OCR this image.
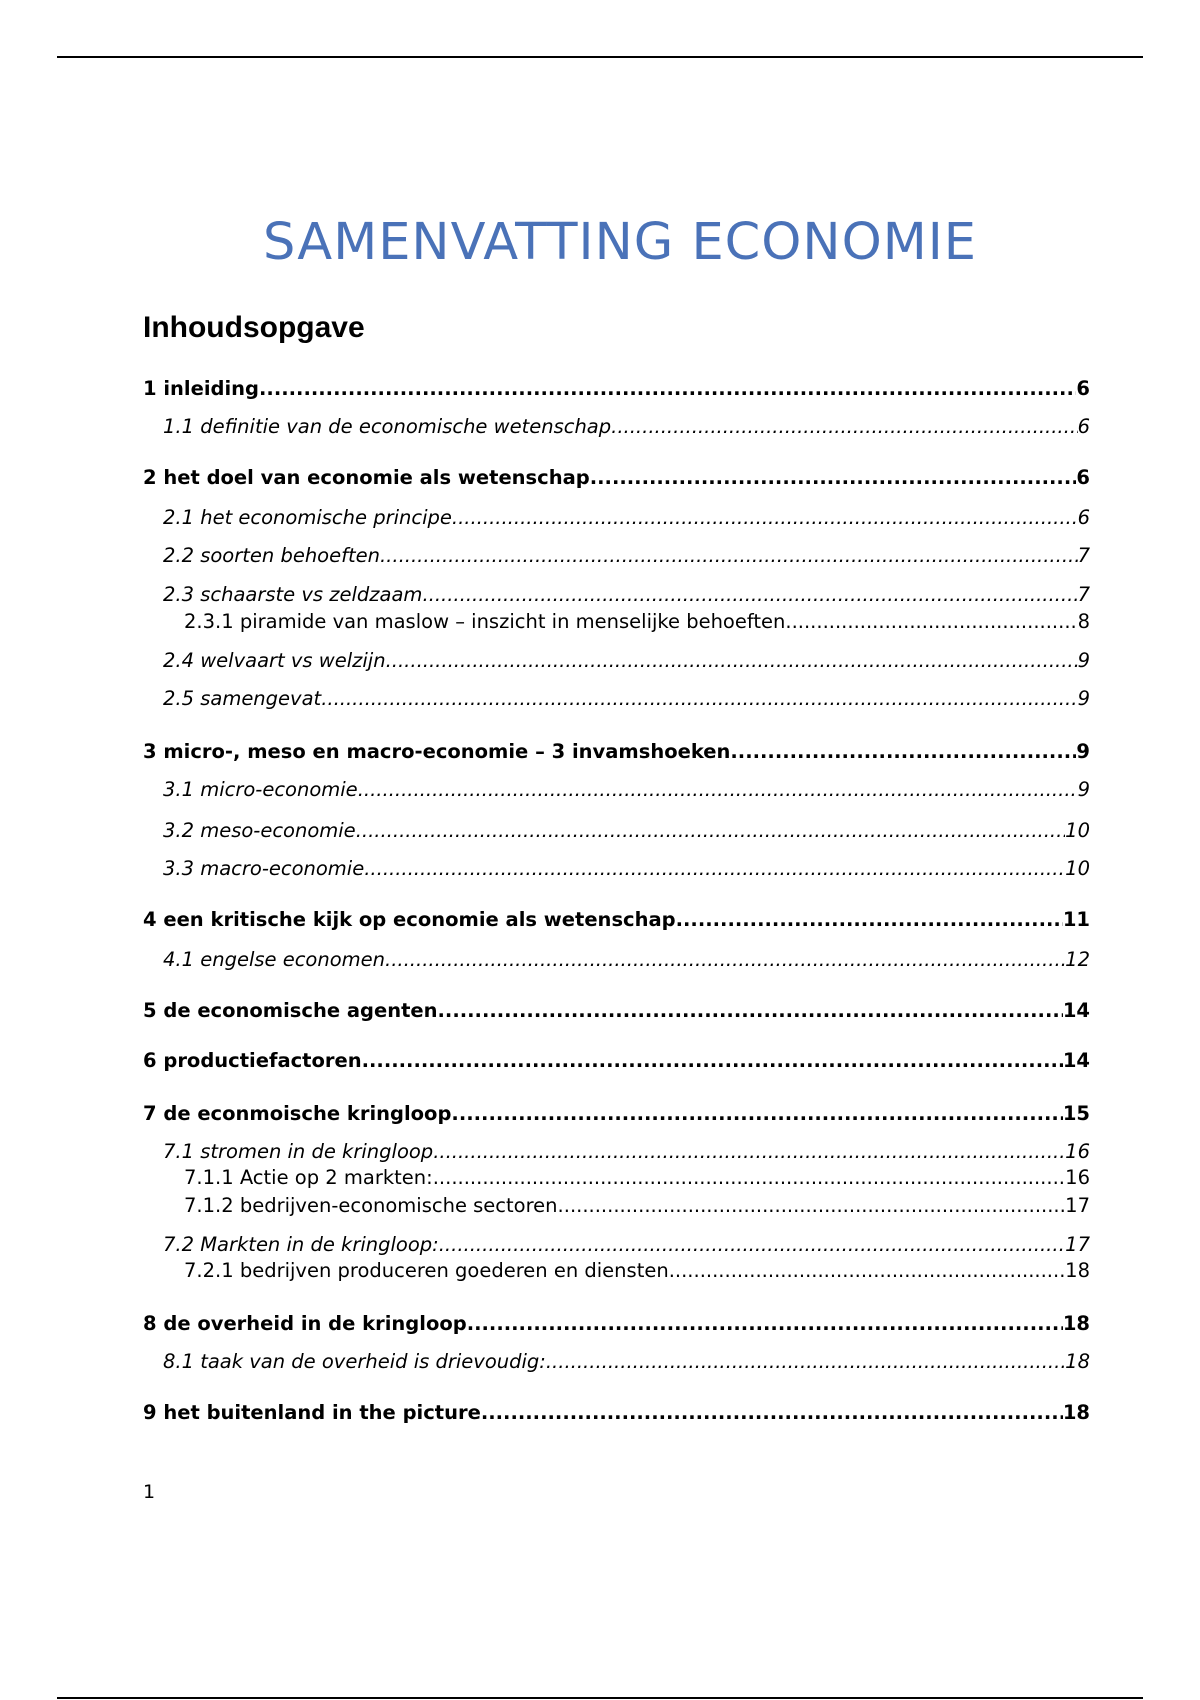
SAMENVATTING ECONOMIE
Inhoudsopgave
1 inleiding .....	6
1.1 definitie van de economische wetenschap .....	6
2 het doel van economie als wetenschap .....	6
2.1 het economische principe .....	6
2.2 soorten behoeften .....	7
2.3 schaarste vs zeldzaam .....	7
2.3.1 piramide van maslow – inszicht in menselijke behoeften .....	8
2.4 welvaart vs welzijn .....	9
2.5 samengevat .....	9
3 micro-, meso en macro-economie – 3 invamshoeken .....	9
3.1 micro-economie .....	9
3.2 meso-economie .....	10
3.3 macro-economie .....	10
4 een kritische kijk op economie als wetenschap .....	11
4.1 engelse economen .....	12
5 de economische agenten .....	14
6 productiefactoren .....	14
7 de econmoische kringloop .....	15
7.1 stromen in de kringloop .....	16
7.1.1 Actie op 2 markten: .....	16
7.1.2 bedrijven-economische sectoren .....	17
7.2 Markten in de kringloop: .....	17
7.2.1 bedrijven produceren goederen en diensten .....	18
8 de overheid in de kringloop .....	18
8.1 taak van de overheid is drievoudig: .....	18
9 het buitenland in the picture .....	18
1
